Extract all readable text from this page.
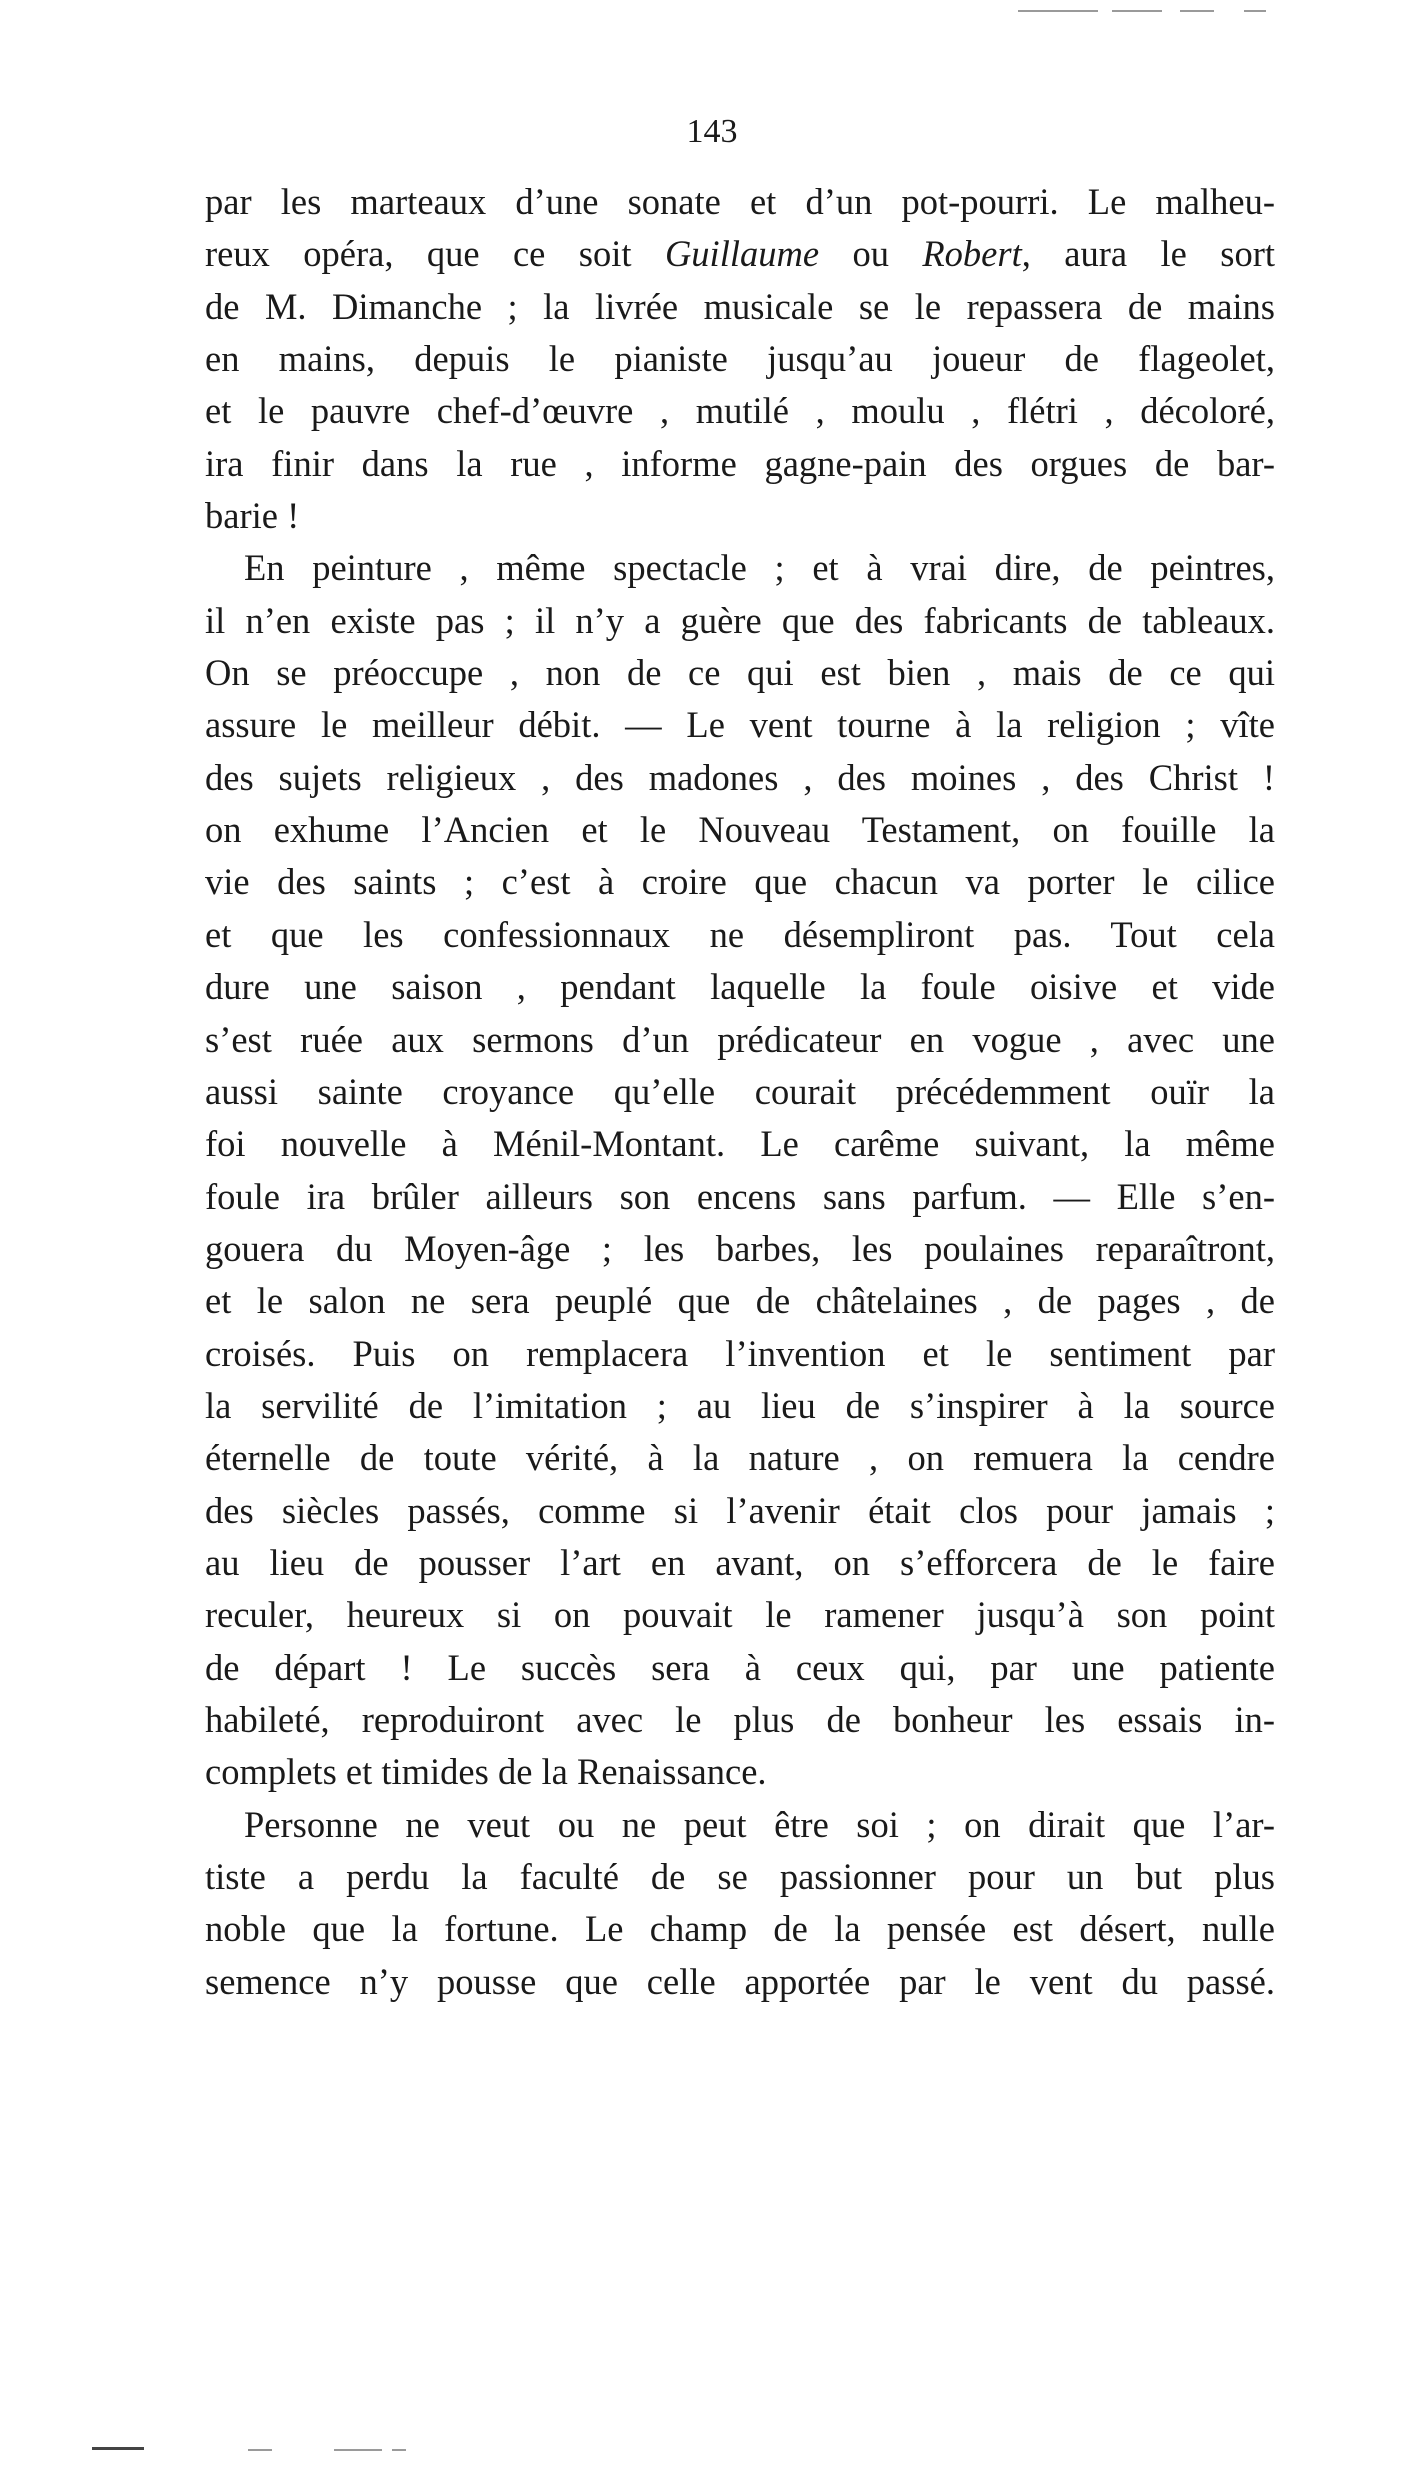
143
par les marteaux d’une sonate et d’un pot-pourri. Le malheu-
reux opéra, que ce soit Guillaume ou Robert, aura le sort
de M. Dimanche ; la livrée musicale se le repassera de mains
en mains, depuis le pianiste jusqu’au joueur de flageolet,
et le pauvre chef-d’œuvre , mutilé , moulu , flétri , décoloré,
ira finir dans la rue , informe gagne-pain des orgues de bar-
barie !
En peinture , même spectacle ; et à vrai dire, de peintres,
il n’en existe pas ; il n’y a guère que des fabricants de tableaux.
On se préoccupe , non de ce qui est bien , mais de ce qui
assure le meilleur débit. — Le vent tourne à la religion ; vîte
des sujets religieux , des madones , des moines , des Christ !
on exhume l’Ancien et le Nouveau Testament, on fouille la
vie des saints ; c’est à croire que chacun va porter le cilice
et que les confessionnaux ne désempliront pas. Tout cela
dure une saison , pendant laquelle la foule oisive et vide
s’est ruée aux sermons d’un prédicateur en vogue , avec une
aussi sainte croyance qu’elle courait précédemment ouïr la
foi nouvelle à Ménil-Montant. Le carême suivant, la même
foule ira brûler ailleurs son encens sans parfum. — Elle s’en-
gouera du Moyen-âge ; les barbes, les poulaines reparaîtront,
et le salon ne sera peuplé que de châtelaines , de pages , de
croisés. Puis on remplacera l’invention et le sentiment par
la servilité de l’imitation ; au lieu de s’inspirer à la source
éternelle de toute vérité, à la nature , on remuera la cendre
des siècles passés, comme si l’avenir était clos pour jamais ;
au lieu de pousser l’art en avant, on s’efforcera de le faire
reculer, heureux si on pouvait le ramener jusqu’à son point
de départ ! Le succès sera à ceux qui, par une patiente
habileté, reproduiront avec le plus de bonheur les essais in-
complets et timides de la Renaissance.
Personne ne veut ou ne peut être soi ; on dirait que l’ar-
tiste a perdu la faculté de se passionner pour un but plus
noble que la fortune. Le champ de la pensée est désert, nulle
semence n’y pousse que celle apportée par le vent du passé.
